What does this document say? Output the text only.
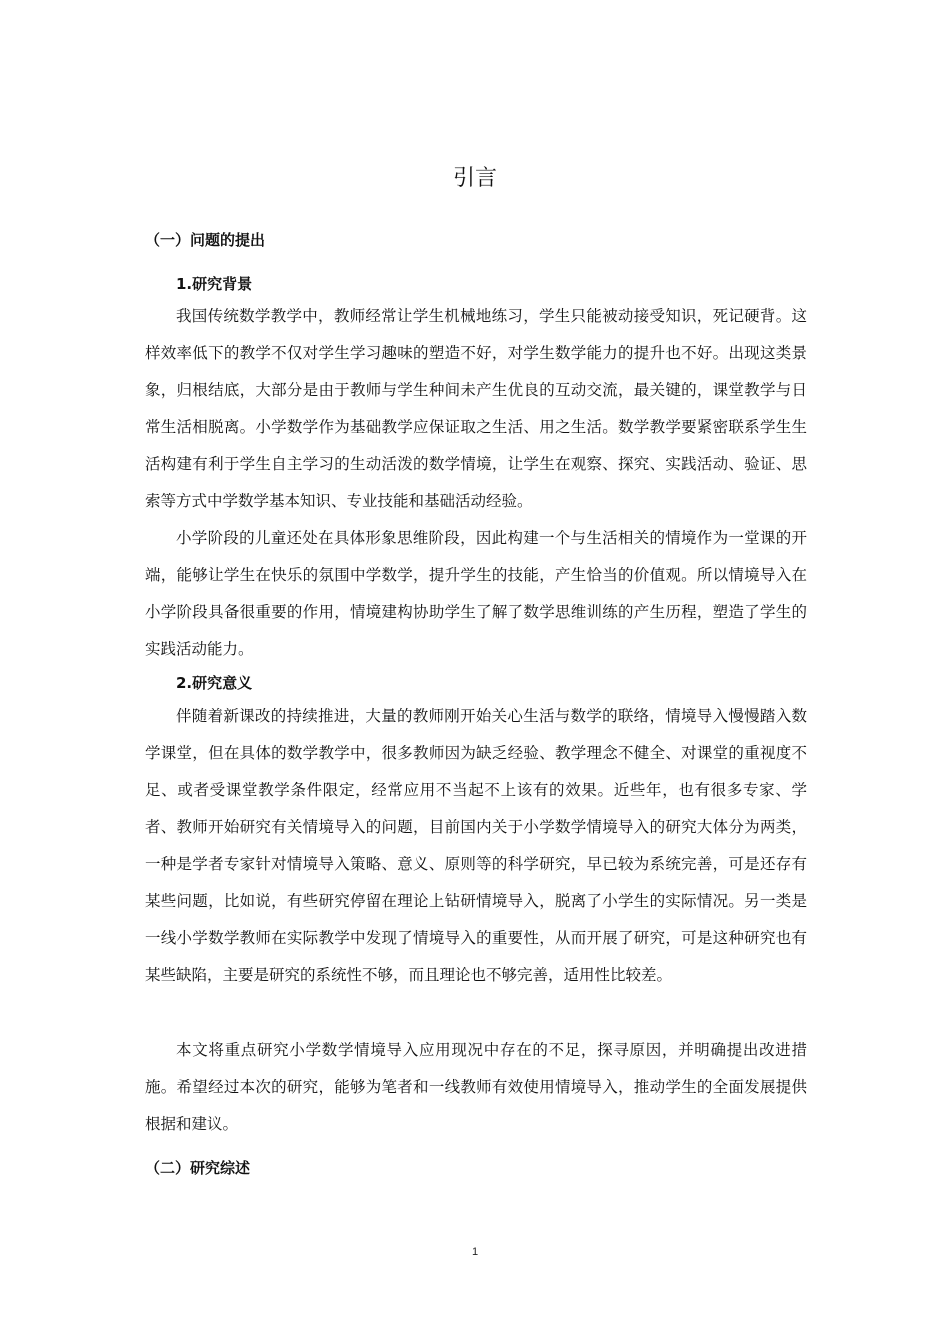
引言
（一）问题的提出
1.研究背景

我国传统数学教学中，教师经常让学生机械地练习，学生只能被动接受知识，死记硬背。这样效率低下的教学不仅对学生学习趣味的塑造不好，对学生数学能力的提升也不好。出现这类景象，归根结底，大部分是由于教师与学生种间未产生优良的互动交流，最关键的，课堂教学与日常生活相脱离。小学数学作为基础教学应保证取之生活、用之生活。数学教学要紧密联系学生生活构建有利于学生自主学习的生动活泼的数学情境，让学生在观察、探究、实践活动、验证、思索等方式中学数学基本知识、专业技能和基础活动经验。

小学阶段的儿童还处在具体形象思维阶段，因此构建一个与生活相关的情境作为一堂课的开端，能够让学生在快乐的氛围中学数学，提升学生的技能，产生恰当的价值观。所以情境导入在小学阶段具备很重要的作用，情境建构协助学生了解了数学思维训练的产生历程，塑造了学生的实践活动能力。

2.研究意义

伴随着新课改的持续推进，大量的教师刚开始关心生活与数学的联络，情境导入慢慢踏入数学课堂，但在具体的数学教学中，很多教师因为缺乏经验、教学理念不健全、对课堂的重视度不足、或者受课堂教学条件限定，经常应用不当起不上该有的效果。近些年，也有很多专家、学者、教师开始研究有关情境导入的问题，目前国内关于小学数学情境导入的研究大体分为两类，一种是学者专家针对情境导入策略、意义、原则等的科学研究，早已较为系统完善，可是还存有某些问题，比如说，有些研究停留在理论上钻研情境导入，脱离了小学生的实际情况。另一类是一线小学数学教师在实际教学中发现了情境导入的重要性，从而开展了研究，可是这种研究也有某些缺陷，主要是研究的系统性不够，而且理论也不够完善，适用性比较差。

本文将重点研究小学数学情境导入应用现况中存在的不足，探寻原因，并明确提出改进措施。希望经过本次的研究，能够为笔者和一线教师有效使用情境导入，推动学生的全面发展提供根据和建议。

（二）研究综述
1
